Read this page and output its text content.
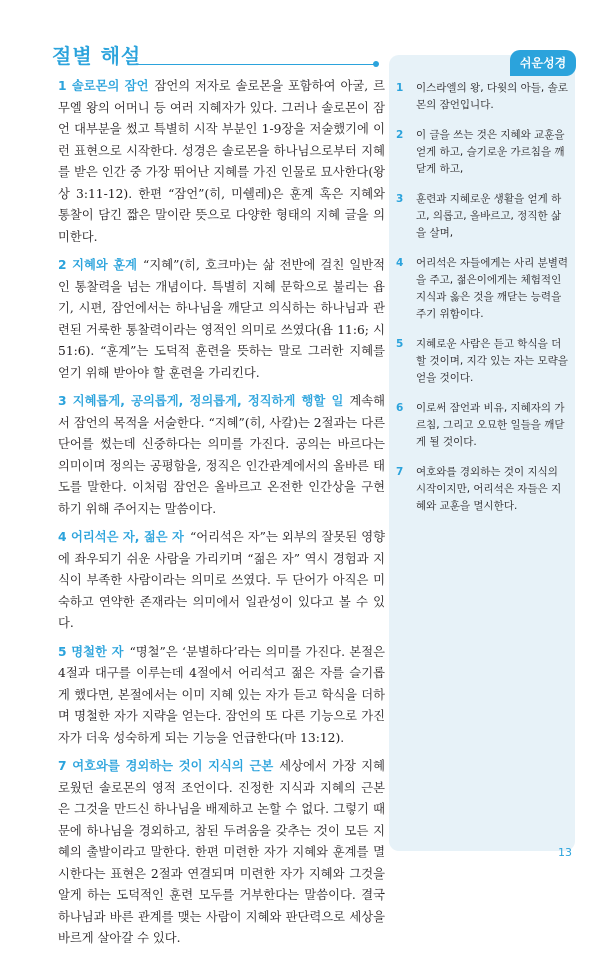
절별 해설

1 솔로몬의 잠언 잠언의 저자로 솔로몬을 포함하여 아굴, 르무엘 왕의 어머니 등 여러 지혜자가 있다. 그러나 솔로몬이 잠언 대부분을 썼고 특별히 시작 부분인 1-9장을 저술했기에 이런 표현으로 시작한다. 성경은 솔로몬을 하나님으로부터 지혜를 받은 인간 중 가장 뛰어난 지혜를 가진 인물로 묘사한다(왕상 3:11-12). 한편 “잠언”(히, 미쉘레)은 훈계 혹은 지혜와 통찰이 담긴 짧은 말이란 뜻으로 다양한 형태의 지혜 글을 의미한다.

2 지혜와 훈계 “지혜”(히, 호크마)는 삶 전반에 걸친 일반적인 통찰력을 넘는 개념이다. 특별히 지혜 문학으로 불리는 욥기, 시편, 잠언에서는 하나님을 깨닫고 의식하는 하나님과 관련된 거룩한 통찰력이라는 영적인 의미로 쓰였다(욥 11:6; 시 51:6). “훈계”는 도덕적 훈련을 뜻하는 말로 그러한 지혜를 얻기 위해 받아야 할 훈련을 가리킨다.

3 지혜롭게, 공의롭게, 정의롭게, 정직하게 행할 일 계속해서 잠언의 목적을 서술한다. “지혜”(히, 사칼)는 2절과는 다른 단어를 썼는데 신중하다는 의미를 가진다. 공의는 바르다는 의미이며 정의는 공평함을, 정직은 인간관계에서의 올바른 태도를 말한다. 이처럼 잠언은 올바르고 온전한 인간상을 구현하기 위해 주어지는 말씀이다.

4 어리석은 자, 젊은 자 “어리석은 자”는 외부의 잘못된 영향에 좌우되기 쉬운 사람을 가리키며 “젊은 자” 역시 경험과 지식이 부족한 사람이라는 의미로 쓰였다. 두 단어가 아직은 미숙하고 연약한 존재라는 의미에서 일관성이 있다고 볼 수 있다.

5 명철한 자 “명철”은 ‘분별하다’라는 의미를 가진다. 본절은 4절과 대구를 이루는데 4절에서 어리석고 젊은 자를 슬기롭게 했다면, 본절에서는 이미 지혜 있는 자가 듣고 학식을 더하며 명철한 자가 지략을 얻는다. 잠언의 또 다른 기능으로 가진 자가 더욱 성숙하게 되는 기능을 언급한다(마 13:12).

7 여호와를 경외하는 것이 지식의 근본 세상에서 가장 지혜로웠던 솔로몬의 영적 조언이다. 진정한 지식과 지혜의 근본은 그것을 만드신 하나님을 배제하고 논할 수 없다. 그렇기 때문에 하나님을 경외하고, 참된 두려움을 갖추는 것이 모든 지혜의 출발이라고 말한다. 한편 미련한 자가 지혜와 훈계를 멸시한다는 표현은 2절과 연결되며 미련한 자가 지혜와 그것을 알게 하는 도덕적인 훈련 모두를 거부한다는 말씀이다. 결국 하나님과 바른 관계를 맺는 사람이 지혜와 판단력으로 세상을 바르게 살아갈 수 있다.

쉬운성경
1	이스라엘의 왕, 다윗의 아들, 솔로몬의 잠언입니다.
2	이 글을 쓰는 것은 지혜와 교훈을 얻게 하고, 슬기로운 가르침을 깨닫게 하고,
3	훈련과 지혜로운 생활을 얻게 하고, 의롭고, 올바르고, 정직한 삶을 살며,
4	어리석은 자들에게는 사리 분별력을 주고, 젊은이에게는 체험적인 지식과 옳은 것을 깨닫는 능력을 주기 위함이다.
5	지혜로운 사람은 듣고 학식을 더할 것이며, 지각 있는 자는 모략을 얻을 것이다.
6	이로써 잠언과 비유, 지혜자의 가르침, 그리고 오묘한 일들을 깨닫게 될 것이다.
7	여호와를 경외하는 것이 지식의 시작이지만, 어리석은 자들은 지혜와 교훈을 멸시한다.
13
